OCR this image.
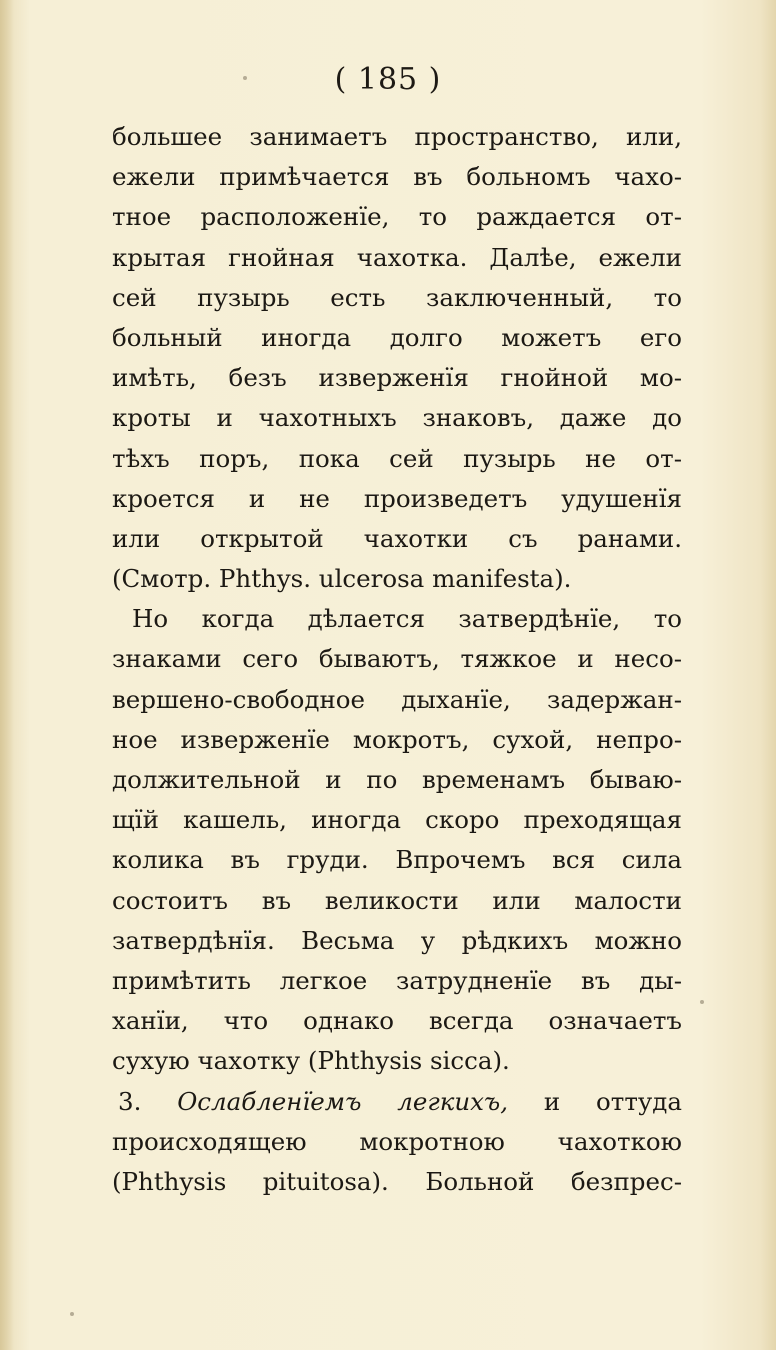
( 185 )
большее занимаетъ пространство, или,
ежели примѣчается въ больномъ чахо-
тное расположенїе, то раждается от-
крытая гнойная чахотка. Далѣе, ежели
сей пузырь есть заключенный, то
больный иногда долго можетъ его
имѣть, безъ изверженїя гнойной мо-
кроты и чахотныхъ знаковъ, даже до
тѣхъ поръ, пока сей пузырь не от-
кроется и не произведетъ удушенїя
или открытой чахотки съ ранами.
(Смотр. Phthys. ulcerosa manifesta).
Но когда дѣлается затвердѣнїе, то
знаками сего бываютъ, тяжкое и несо-
вершено-свободное дыханїе, задержан-
ное изверженїе мокротъ, сухой, непро-
должительной и по временамъ бываю-
щїй кашель, иногда скоро преходящая
колика въ груди. Впрочемъ вся сила
состоитъ въ великости или малости
затвердѣнїя. Весьма у рѣдкихъ можно
примѣтить легкое затрудненїе въ ды-
ханїи, что однако всегда означаетъ
сухую чахотку (Phthysis sicca).
3. Ослабленїемъ легкихъ, и оттуда
происходящею мокротною чахоткою
(Phthysis pituitosa). Больной безпрес-
